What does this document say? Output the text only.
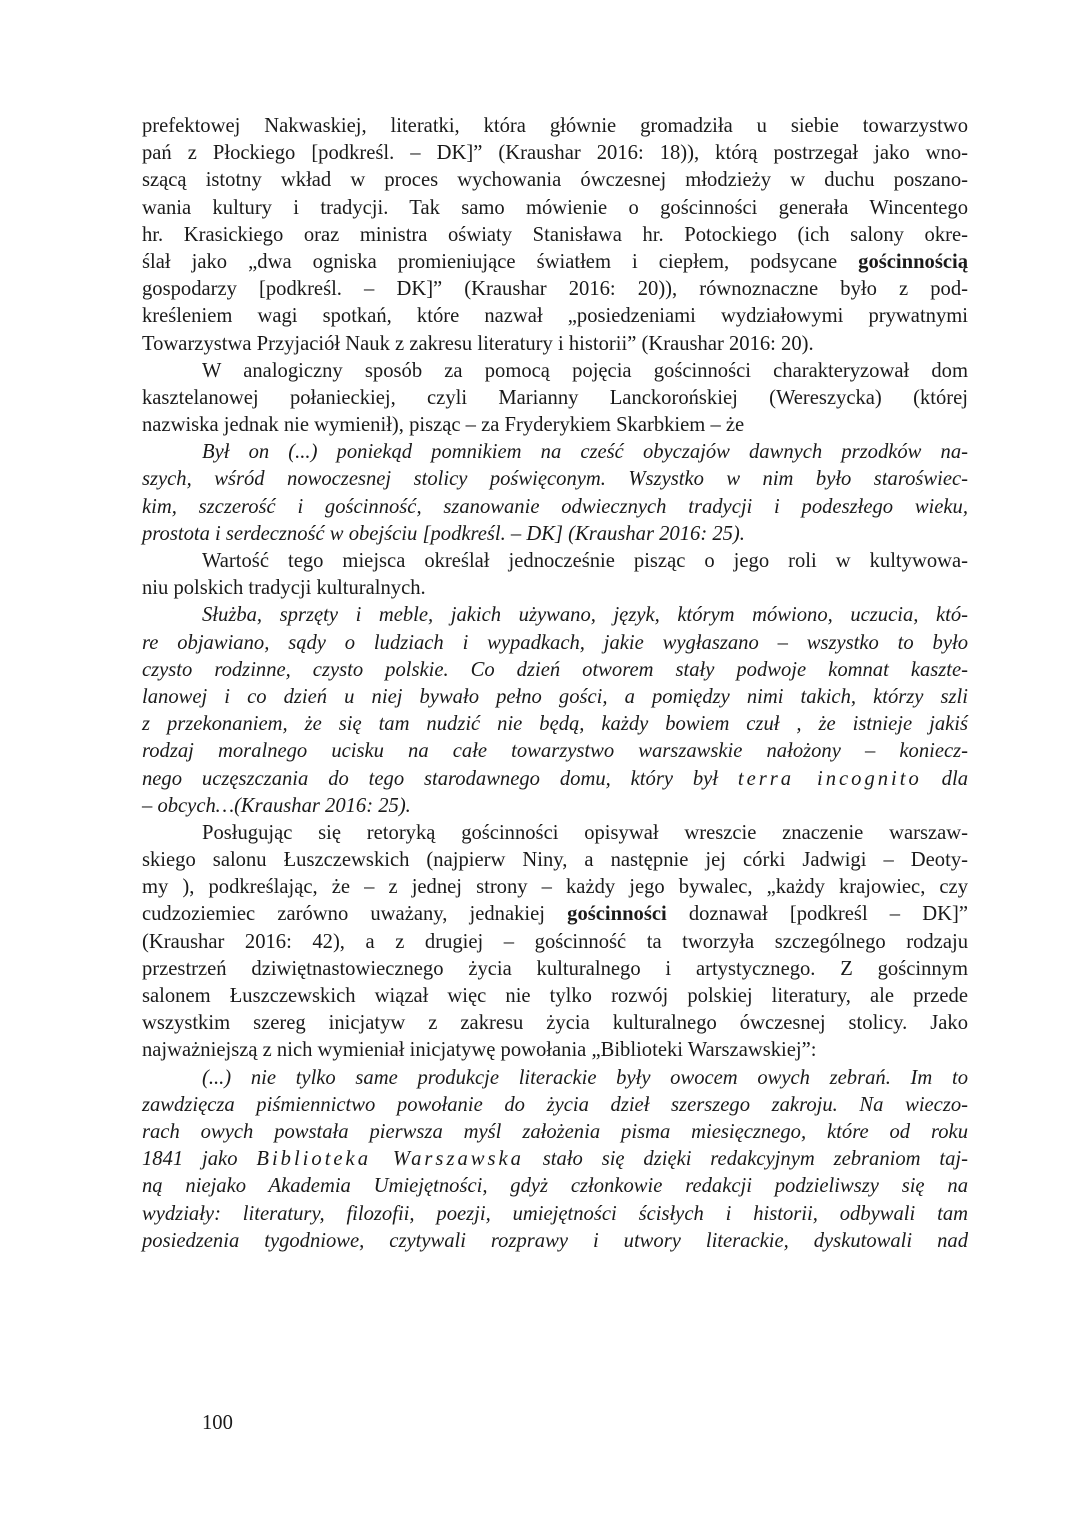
prefektowej Nakwaskiej, literatki, która głównie gromadziła u siebie towarzystwo
pań z Płockiego [podkreśl. – DK]” (Kraushar 2016: 18)), którą postrzegał jako wno-
szącą istotny wkład w proces wychowania ówczesnej młodzieży w duchu poszano-
wania kultury i tradycji. Tak samo mówienie o gościnności generała Wincentego
hr. Krasickiego oraz ministra oświaty Stanisława hr. Potockiego (ich salony okre-
ślał jako „dwa ogniska promieniujące światłem i ciepłem, podsycane gościnnością
gospodarzy [podkreśl. – DK]” (Kraushar 2016: 20)), równoznaczne było z pod-
kreśleniem wagi spotkań, które nazwał „posiedzeniami wydziałowymi prywatnymi
Towarzystwa Przyjaciół Nauk z zakresu literatury i historii” (Kraushar 2016: 20).
W analogiczny sposób za pomocą pojęcia gościnności charakteryzował dom
kasztelanowej połanieckiej, czyli Marianny Lanckorońskiej (Wereszycka) (której
nazwiska jednak nie wymienił), pisząc – za Fryderykiem Skarbkiem – że
Był on (...) poniekąd pomnikiem na cześć obyczajów dawnych przodków na-
szych, wśród nowoczesnej stolicy poświęconym. Wszystko w nim było staroświec-
kim, szczerość i gościnność, szanowanie odwiecznych tradycji i podeszłego wieku,
prostota i serdeczność w obejściu [podkreśl. – DK] (Kraushar 2016: 25).
Wartość tego miejsca określał jednocześnie pisząc o jego roli w kultywowa-
niu polskich tradycji kulturalnych.
Służba, sprzęty i meble, jakich używano, język, którym mówiono, uczucia, któ-
re objawiano, sądy o ludziach i wypadkach, jakie wygłaszano – wszystko to było
czysto rodzinne, czysto polskie. Co dzień otworem stały podwoje komnat kaszte-
lanowej i co dzień u niej bywało pełno gości, a pomiędzy nimi takich, którzy szli
z przekonaniem, że się tam nudzić nie będą, każdy bowiem czuł , że istnieje jakiś
rodzaj moralnego ucisku na całe towarzystwo warszawskie nałożony – koniecz-
nego uczęszczania do tego starodawnego domu, który był terra incognito dla
– obcych…(Kraushar 2016: 25).
Posługując się retoryką gościnności opisywał wreszcie znaczenie warszaw-
skiego salonu Łuszczewskich (najpierw Niny, a następnie jej córki Jadwigi – Deoty-
my ), podkreślając, że – z jednej strony – każdy jego bywalec, „każdy krajowiec, czy
cudzoziemiec zarówno uważany, jednakiej gościnności doznawał [podkreśl – DK]”
(Kraushar 2016: 42), a z drugiej – gościnność ta tworzyła szczególnego rodzaju
przestrzeń dziwiętnastowiecznego życia kulturalnego i artystycznego. Z gościnnym
salonem Łuszczewskich wiązał więc nie tylko rozwój polskiej literatury, ale przede
wszystkim szereg inicjatyw z zakresu życia kulturalnego ówczesnej stolicy. Jako
najważniejszą z nich wymieniał inicjatywę powołania „Biblioteki Warszawskiej”:
(...) nie tylko same produkcje literackie były owocem owych zebrań. Im to
zawdzięcza piśmiennictwo powołanie do życia dzieł szerszego zakroju. Na wieczo-
rach owych powstała pierwsza myśl założenia pisma miesięcznego, które od roku
1841 jako Biblioteka Warszawska stało się dzięki redakcyjnym zebraniom taj-
ną niejako Akademia Umiejętności, gdyż członkowie redakcji podzieliwszy się na
wydziały: literatury, filozofii, poezji, umiejętności ścisłych i historii, odbywali tam
posiedzenia tygodniowe, czytywali rozprawy i utwory literackie, dyskutowali nad
100
